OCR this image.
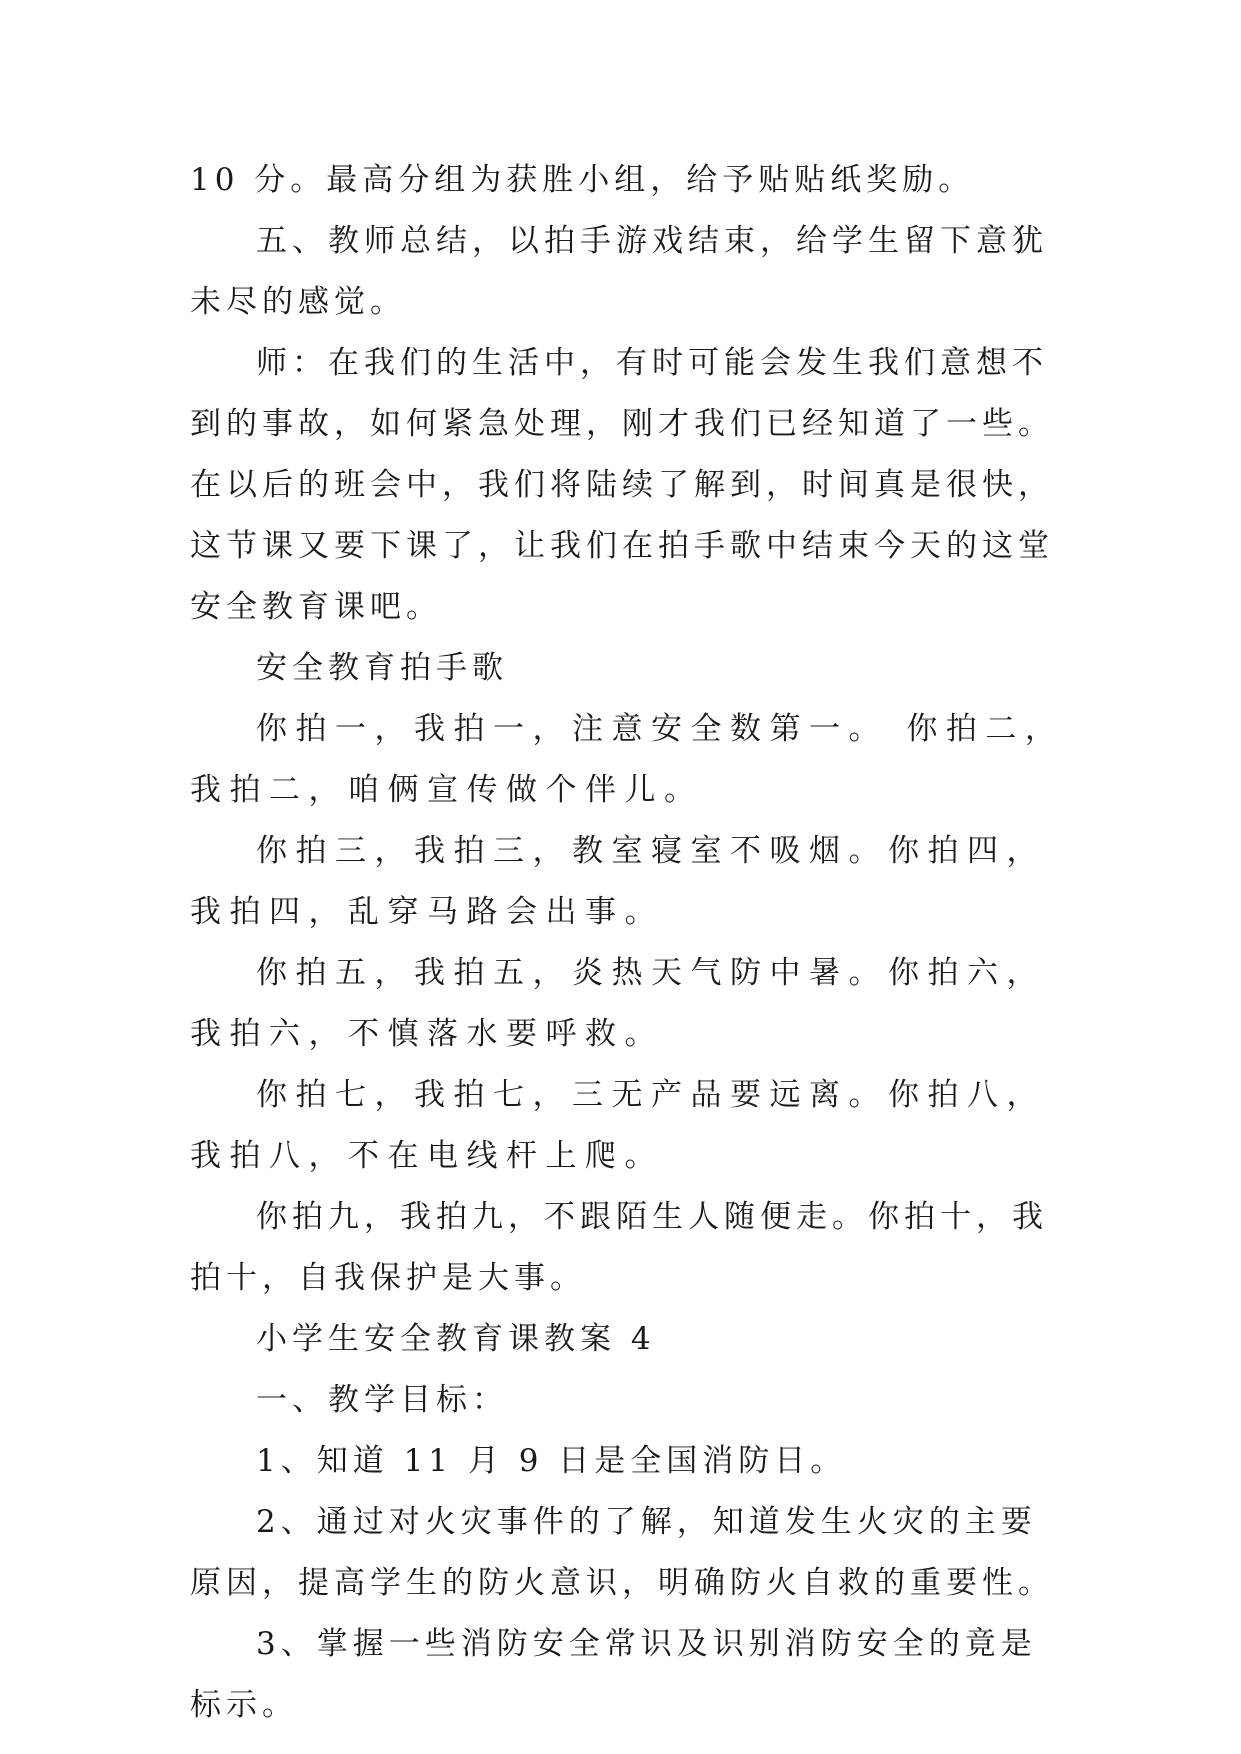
10 分。最高分组为获胜小组，给予贴贴纸奖励。

五、教师总结，以拍手游戏结束，给学生留下意犹未尽的感觉。

师：在我们的生活中，有时可能会发生我们意想不到的事故，如何紧急处理，刚才我们已经知道了一些。在以后的班会中，我们将陆续了解到，时间真是很快，这节课又要下课了，让我们在拍手歌中结束今天的这堂安全教育课吧。

安全教育拍手歌

你拍一，我拍一，注意安全数第一。 你拍二，我拍二，咱俩宣传做个伴儿。

你拍三，我拍三，教室寝室不吸烟。你拍四，我拍四，乱穿马路会出事。

你拍五，我拍五，炎热天气防中暑。你拍六，我拍六，不慎落水要呼救。

你拍七，我拍七，三无产品要远离。你拍八，我拍八，不在电线杆上爬。

你拍九，我拍九，不跟陌生人随便走。你拍十，我拍十，自我保护是大事。

小学生安全教育课教案 4

一、教学目标：

1、知道 11 月 9 日是全国消防日。

2、通过对火灾事件的了解，知道发生火灾的主要原因，提高学生的防火意识，明确防火自救的重要性。

3、掌握一些消防安全常识及识别消防安全的竟是标示。
